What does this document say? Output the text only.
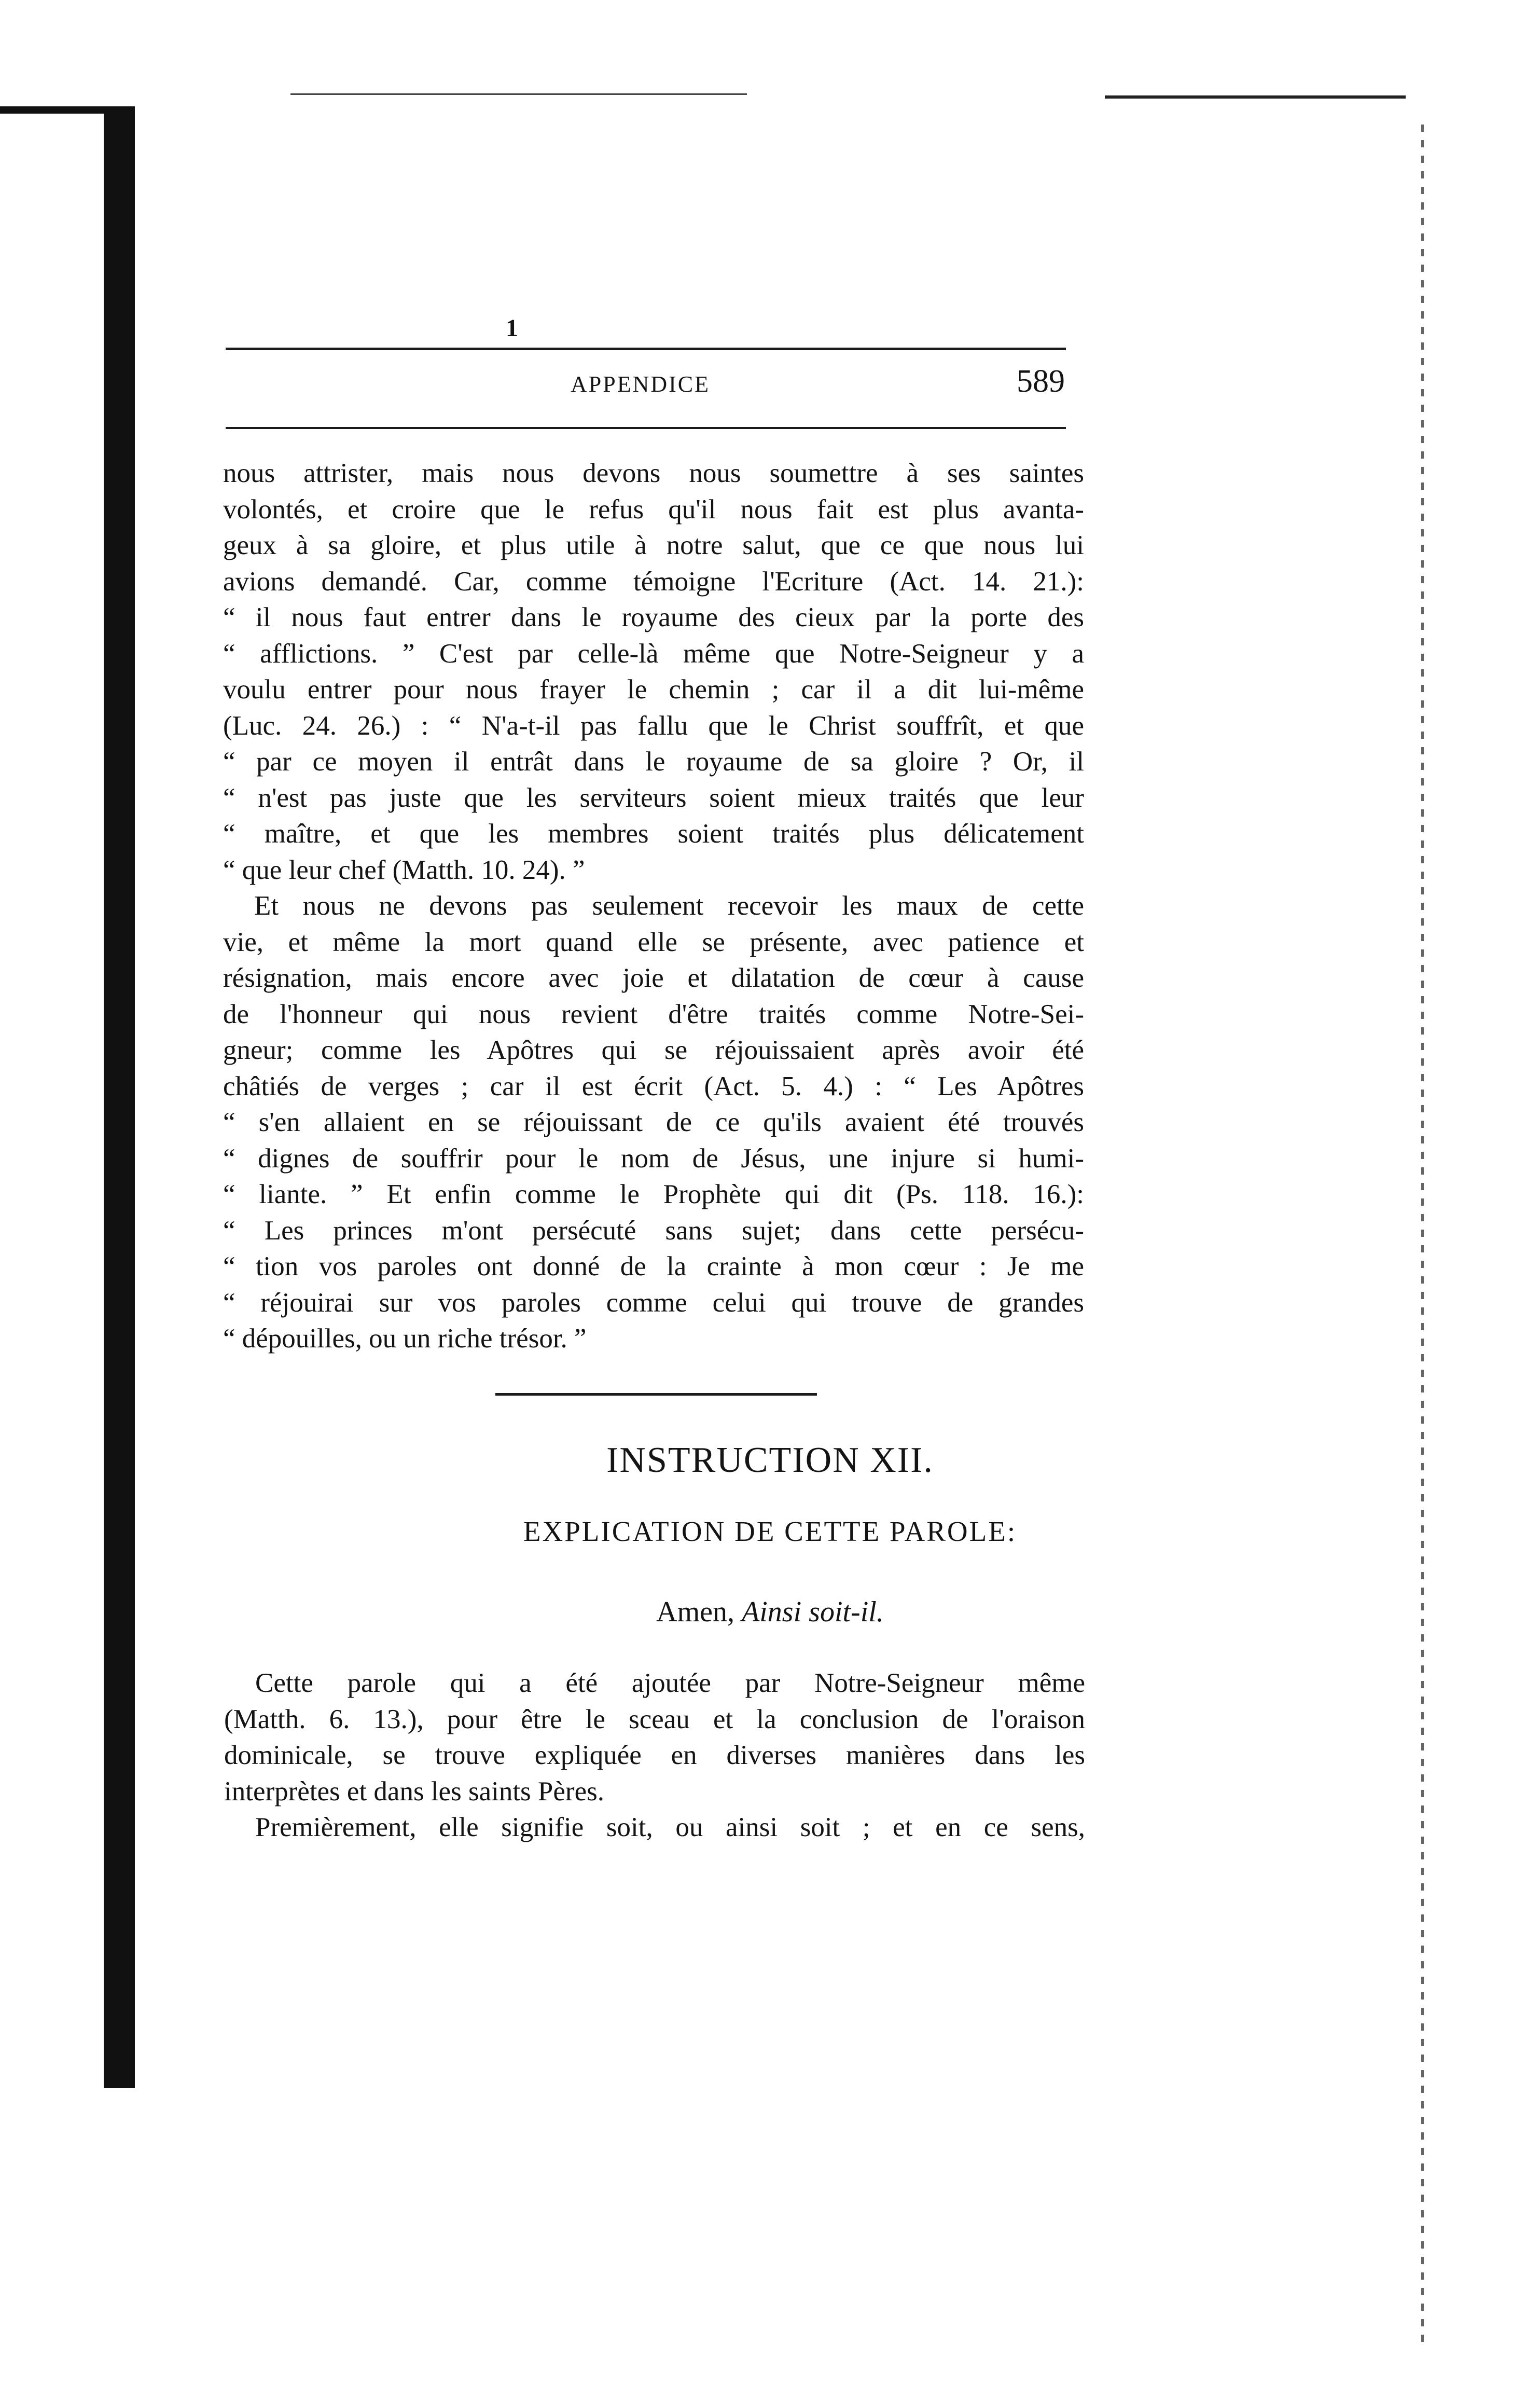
1
APPENDICE	589
nous attrister, mais nous devons nous soumettre à ses saintes
volontés, et croire que le refus qu'il nous fait est plus avanta-
geux à sa gloire, et plus utile à notre salut, que ce que nous lui
avions demandé. Car, comme témoigne l'Ecriture (Act. 14. 21.):
“ il nous faut entrer dans le royaume des cieux par la porte des
“ afflictions. ” C'est par celle-là même que Notre-Seigneur y a
voulu entrer pour nous frayer le chemin ; car il a dit lui-même
(Luc. 24. 26.) : “ N'a-t-il pas fallu que le Christ souffrît, et que
“ par ce moyen il entrât dans le royaume de sa gloire ? Or, il
“ n'est pas juste que les serviteurs soient mieux traités que leur
“ maître, et que les membres soient traités plus délicatement
“ que leur chef (Matth. 10. 24). ”
Et nous ne devons pas seulement recevoir les maux de cette
vie, et même la mort quand elle se présente, avec patience et
résignation, mais encore avec joie et dilatation de cœur à cause
de l'honneur qui nous revient d'être traités comme Notre-Sei-
gneur; comme les Apôtres qui se réjouissaient après avoir été
châtiés de verges ; car il est écrit (Act. 5. 4.) : “ Les Apôtres
“ s'en allaient en se réjouissant de ce qu'ils avaient été trouvés
“ dignes de souffrir pour le nom de Jésus, une injure si humi-
“ liante. ” Et enfin comme le Prophète qui dit (Ps. 118. 16.):
“ Les princes m'ont persécuté sans sujet; dans cette persécu-
“ tion vos paroles ont donné de la crainte à mon cœur : Je me
“ réjouirai sur vos paroles comme celui qui trouve de grandes
“ dépouilles, ou un riche trésor. ”
INSTRUCTION XII.
EXPLICATION DE CETTE PAROLE:
Amen, Ainsi soit-il.
Cette parole qui a été ajoutée par Notre-Seigneur même
(Matth. 6. 13.), pour être le sceau et la conclusion de l'oraison
dominicale, se trouve expliquée en diverses manières dans les
interprètes et dans les saints Pères.
Premièrement, elle signifie soit, ou ainsi soit ; et en ce sens,
